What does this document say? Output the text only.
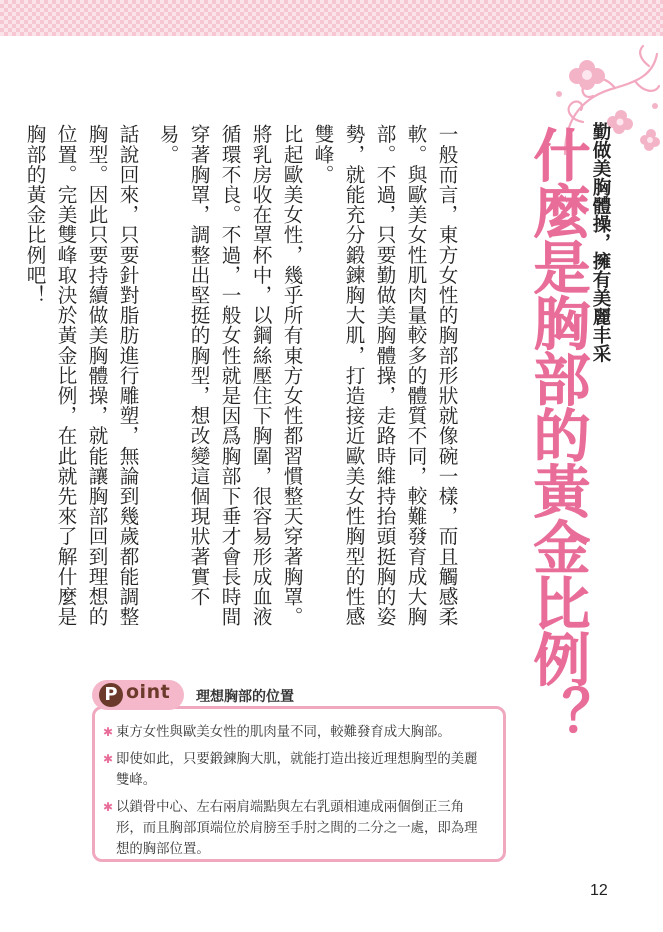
勤做美胸體操，擁有美麗丰采
什麼是胸部的黃金比例？

一般而言，東方女性的胸部形狀就像碗一樣，而且觸感柔軟。與歐美女性肌肉量較多的體質不同，較難發育成大胸部。不過，只要勤做美胸體操，走路時維持抬頭挺胸的姿勢，就能充分鍛鍊胸大肌，打造接近歐美女性胸型的性感雙峰。

比起歐美女性，幾乎所有東方女性都習慣整天穿著胸罩。將乳房收在罩杯中，以鋼絲壓住下胸圍，很容易形成血液循環不良。不過，一般女性就是因爲胸部下垂才會長時間穿著胸罩，調整出堅挺的胸型，想改變這個現狀著實不易。

話說回來，只要針對脂肪進行雕塑，無論到幾歲都能調整胸型。因此只要持續做美胸體操，就能讓胸部回到理想的位置。完美雙峰取決於黃金比例，在此就先來了解什麼是胸部的黃金比例吧！

P oint 理想胸部的位置
✱ 東方女性與歐美女性的肌肉量不同，較難發育成大胸部。
✱ 即使如此，只要鍛鍊胸大肌，就能打造出接近理想胸型的美麗雙峰。
✱ 以鎖骨中心、左右兩肩端點與左右乳頭相連成兩個倒正三角形，而且胸部頂端位於肩膀至手肘之間的二分之一處，即為理想的胸部位置。
12
